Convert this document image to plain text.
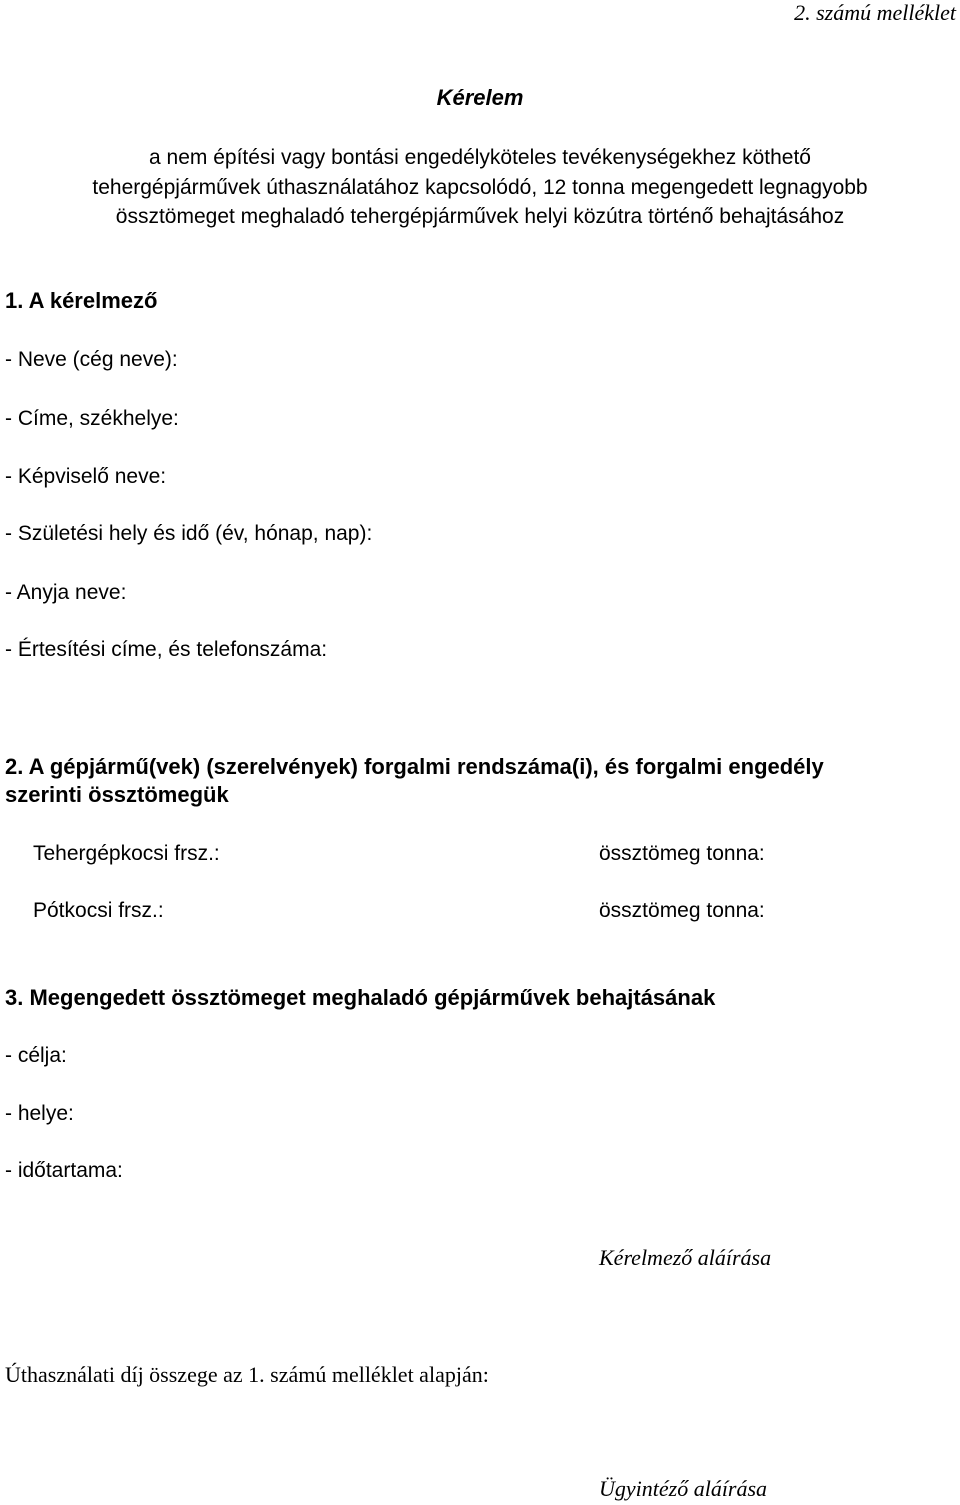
2. számú melléklet
Kérelem
a nem építési vagy bontási engedélyköteles tevékenységekhez köthető
tehergépjárművek úthasználatához kapcsolódó, 12 tonna megengedett legnagyobb
össztömeget meghaladó tehergépjárművek helyi közútra történő behajtásához
1. A kérelmező
- Neve (cég neve):
- Címe, székhelye:
- Képviselő neve:
- Születési hely és idő (év, hónap, nap):
- Anyja neve:
- Értesítési címe, és telefonszáma:
2. A gépjármű(vek) (szerelvények) forgalmi rendszáma(i), és forgalmi engedély
szerinti össztömegük
Tehergépkocsi frsz.:	össztömeg tonna:
Pótkocsi frsz.:	össztömeg tonna:
3. Megengedett össztömeget meghaladó gépjárművek behajtásának
- célja:
- helye:
- időtartama:
Kérelmező aláírása
Úthasználati díj összege az 1. számú melléklet alapján:
Ügyintéző aláírása
